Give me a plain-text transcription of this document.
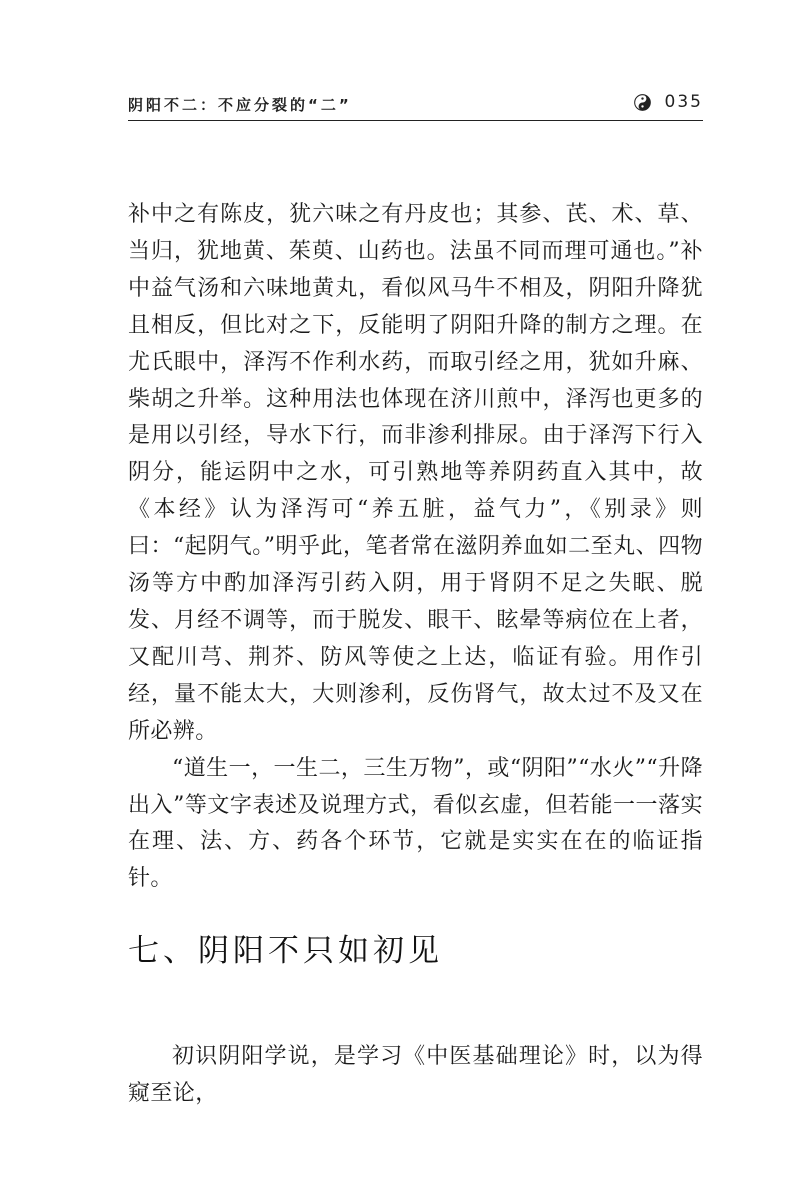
阴阳不二：不应分裂的“二”	035

补中之有陈皮，犹六味之有丹皮也；其参、芪、术、草、当归，犹地黄、茱萸、山药也。法虽不同而理可通也。”补中益气汤和六味地黄丸，看似风马牛不相及，阴阳升降犹且相反，但比对之下，反能明了阴阳升降的制方之理。在尤氏眼中，泽泻不作利水药，而取引经之用，犹如升麻、柴胡之升举。这种用法也体现在济川煎中，泽泻也更多的是用以引经，导水下行，而非渗利排尿。由于泽泻下行入阴分，能运阴中之水，可引熟地等养阴药直入其中，故《本经》认为泽泻可“养五脏，益气力”，《别录》则曰：“起阴气。”明乎此，笔者常在滋阴养血如二至丸、四物汤等方中酌加泽泻引药入阴，用于肾阴不足之失眠、脱发、月经不调等，而于脱发、眼干、眩晕等病位在上者，又配川芎、荆芥、防风等使之上达，临证有验。用作引经，量不能太大，大则渗利，反伤肾气，故太过不及又在所必辨。

“道生一，一生二，三生万物”，或“阴阳”“水火”“升降出入”等文字表述及说理方式，看似玄虚，但若能一一落实在理、法、方、药各个环节，它就是实实在在的临证指针。

七、阴阳不只如初见

初识阴阳学说，是学习《中医基础理论》时，以为得窥至论，
